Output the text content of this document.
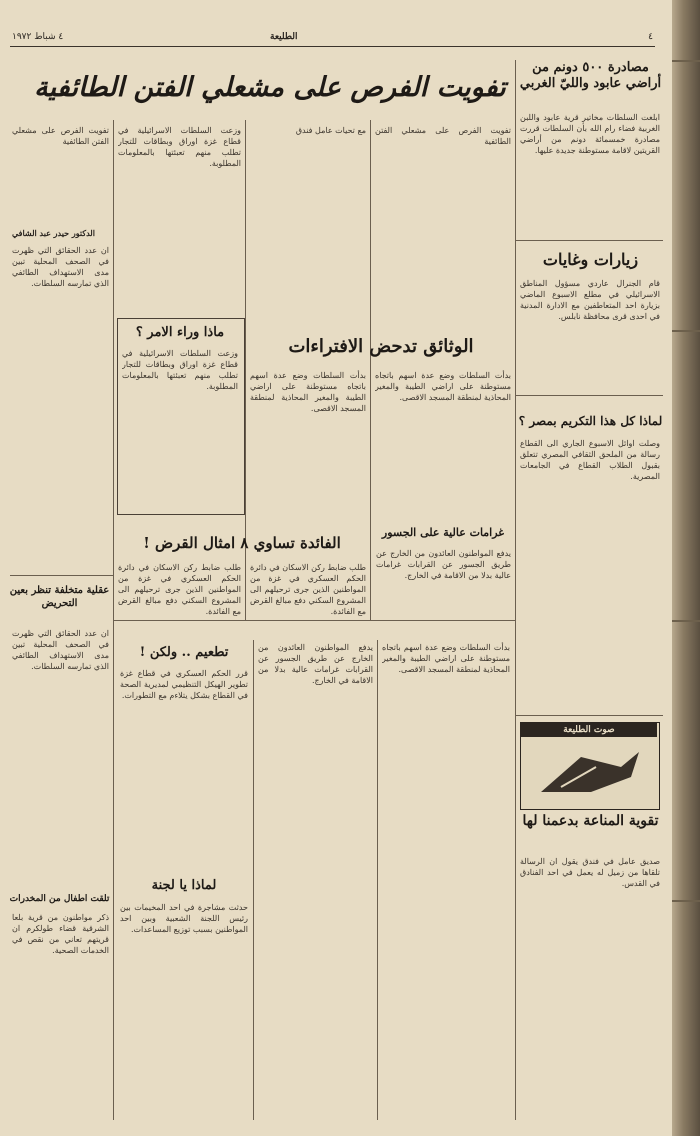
٤
الطليعة
٤ شباط ١٩٧٢
تفويت الفرص على مشعلي الفتن الطائفية
مصادرة ٥٠٠ دونم من أراضي عابود والليّ الغربي
ابلغت السلطات مخاتير قرية عابود واللبن الغربية فضاء رام الله بأن السلطات قررت مصادرة خمسمائة دونم من أراضي القريتين لاقامة مستوطنة جديدة عليها.
زيارات وغايات
قام الجنرال عاردي مسؤول المناطق الاسرائيلي في مطلع الاسبوع الماضي بزيارة احد المتعاطفين مع الادارة المدنية في احدى قرى محافظة نابلس.
لماذا كل هذا التكريم بمصر ؟
وصلت اوائل الاسبوع الجاري الى القطاع رسالة من الملحق الثقافي المصري تتعلق بقبول الطلاب القطاع في الجامعات المصرية.
تفويت الفرص على مشعلي الفتن الطائفية
مع تحيات عامل فندق
وزعت السلطات الاسرائيلية في قطاع غزة اوراق وبطاقات للتجار تطلب منهم تعبئتها بالمعلومات المطلوبة.
الوثائق تدحض الافتراءات
بدأت السلطات وضع عدة اسهم باتجاه مستوطنة على اراضي الطيبة والمغير المحاذية لمنطقة المسجد الاقصى.
بدأت السلطات وضع عدة اسهم باتجاه مستوطنة على اراضي الطيبة والمغير المحاذية لمنطقة المسجد الاقصى.
ماذا وراء الامر ؟
وزعت السلطات الاسرائيلية في قطاع غزة اوراق وبطاقات للتجار تطلب منهم تعبئتها بالمعلومات المطلوبة.
غرامات عالية على الجسور
يدفع المواطنون العائدون من الخارج عن طريق الجسور عن القرابات غرامات عالية بدلا من الاقامة في الخارج.
الفائدة تساوي ٨ امثال القرض !
طلب ضابط ركن الاسكان في دائرة الحكم العسكري في غزة من المواطنين الذين جرى ترحيلهم الى المشروع السكني دفع مبالغ القرض مع الفائدة.
طلب ضابط ركن الاسكان في دائرة الحكم العسكري في غزة من المواطنين الذين جرى ترحيلهم الى المشروع السكني دفع مبالغ القرض مع الفائدة.
تفويت الفرص على مشعلي الفتن الطائفية
الدكتور حيدر عبد الشافي
ان عدد الحقائق التي ظهرت في الصحف المحلية تبين مدى الاستهداف الطائفي الذي تمارسه السلطات.
عقلية متخلفة تنظر بعين التحريض
ان عدد الحقائق التي ظهرت في الصحف المحلية تبين مدى الاستهداف الطائفي الذي تمارسه السلطات.
تلقت اطفال من المخدرات
ذكر مواطنون من قرية بلعا الشرقية قضاء طولكرم ان قريتهم تعاني من نقص في الخدمات الصحية.
تطعيم .. ولكن !
قرر الحكم العسكري في قطاع غزة تطوير الهيكل التنظيمي لمديرية الصحة في القطاع بشكل يتلاءم مع التطورات.
لماذا يا لجنة
حدثت مشاجرة في احد المخيمات بين رئيس اللجنة الشعبية وبين احد المواطنين بسبب توزيع المساعدات.
يدفع المواطنون العائدون من الخارج عن طريق الجسور عن القرابات غرامات عالية بدلا من الاقامة في الخارج.
بدأت السلطات وضع عدة اسهم باتجاه مستوطنة على اراضي الطيبة والمغير المحاذية لمنطقة المسجد الاقصى.
صوت الطليعة
تقوية المناعة بدعمنا لها
صديق عامل في فندق يقول ان الرسالة تلقاها من زميل له يعمل في احد الفنادق في القدس.
